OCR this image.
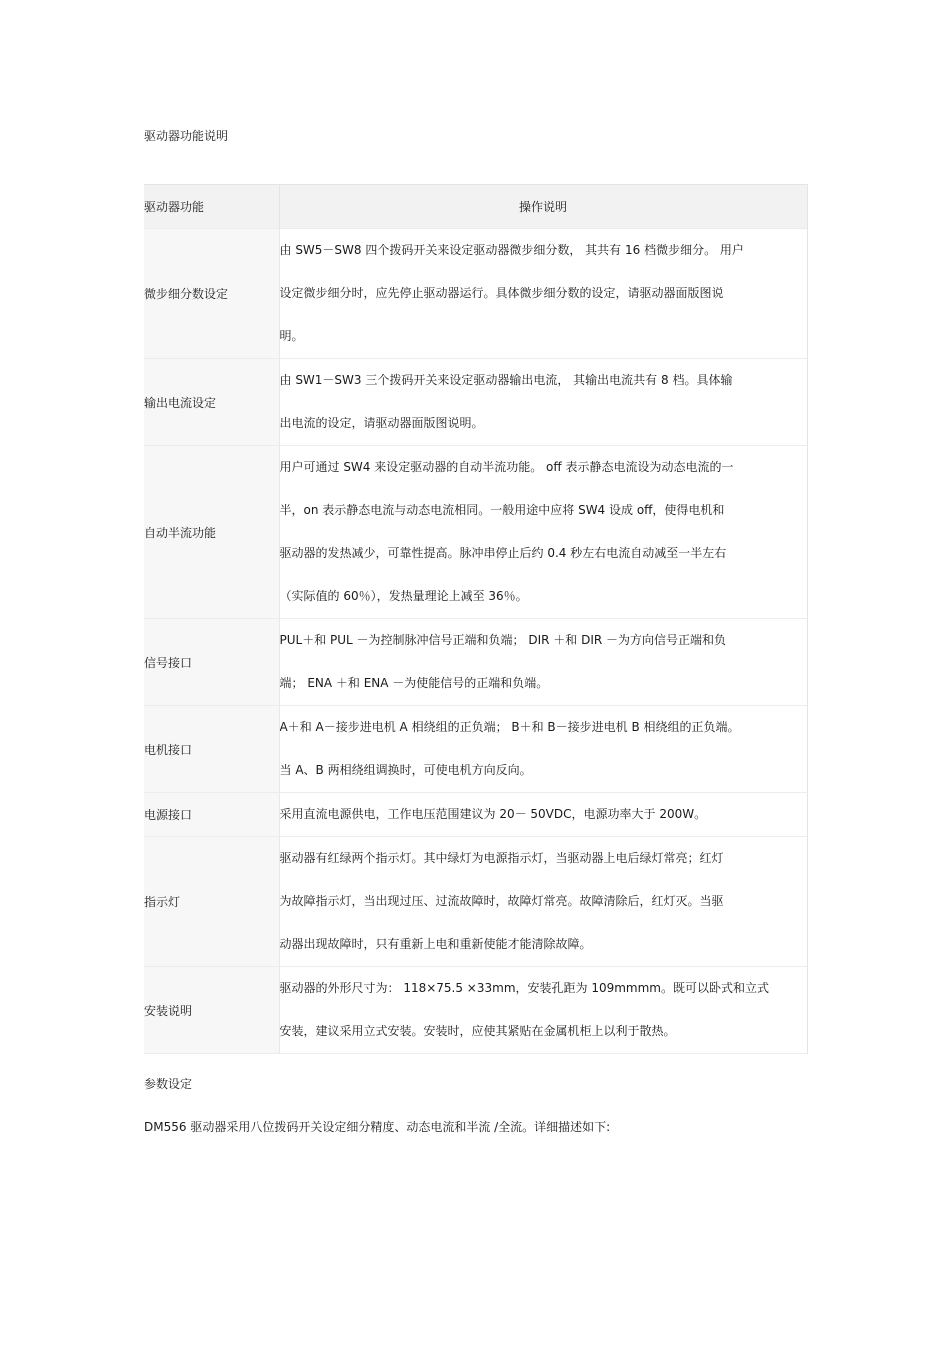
驱动器功能说明
驱动器功能	操作说明
微步细分数设定	由 SW5－SW8 四个拨码开关来设定驱动器微步细分数， 其共有 16 档微步细分。 用户
设定微步细分时，应先停止驱动器运行。具体微步细分数的设定，请驱动器面版图说
明。

输出电流设定	由 SW1－SW3 三个拨码开关来设定驱动器输出电流， 其输出电流共有 8 档。具体输
出电流的设定，请驱动器面版图说明。

自动半流功能	用户可通过 SW4 来设定驱动器的自动半流功能。 off 表示静态电流设为动态电流的一
半，on 表示静态电流与动态电流相同。一般用途中应将 SW4 设成 off，使得电机和
驱动器的发热减少，可靠性提高。脉冲串停止后约 0.4 秒左右电流自动减至一半左右
（实际值的 60％），发热量理论上减至 36％。

信号接口	PUL＋和 PUL －为控制脉冲信号正端和负端； DIR ＋和 DIR －为方向信号正端和负
端； ENA ＋和 ENA －为使能信号的正端和负端。

电机接口	A＋和 A－接步进电机 A 相绕组的正负端； B＋和 B－接步进电机 B 相绕组的正负端。
当 A、B 两相绕组调换时，可使电机方向反向。

电源接口	采用直流电源供电，工作电压范围建议为 20－ 50VDC，电源功率大于 200W。

指示灯	驱动器有红绿两个指示灯。其中绿灯为电源指示灯，当驱动器上电后绿灯常亮；红灯
为故障指示灯，当出现过压、过流故障时，故障灯常亮。故障清除后，红灯灭。当驱
动器出现故障时，只有重新上电和重新使能才能清除故障。

安装说明	驱动器的外形尺寸为： 118×75.5 ×33mm，安装孔距为 109mmmm。既可以卧式和立式
安装，建议采用立式安装。安装时，应使其紧贴在金属机柜上以利于散热。
参数设定
DM556 驱动器采用八位拨码开关设定细分精度、动态电流和半流 /全流。详细描述如下:
